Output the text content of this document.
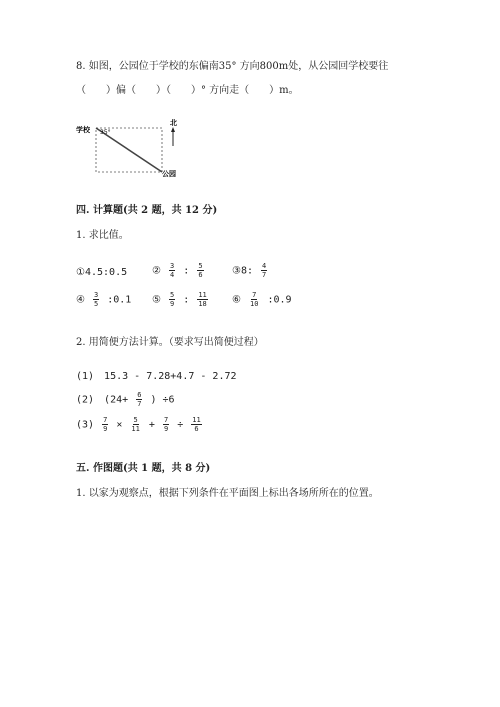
8. 如图，公园位于学校的东偏南35° 方向800m处，从公园回学校要往
（　　）偏（　　）（　　）° 方向走（　　）m。
学校 35°
公园
北
四. 计算题(共 2 题，共 12 分)
1. 求比值。
①4.5:0.5 ② $\frac{3}{4}$ : $\frac{5}{6}$	③8: $\frac{4}{7}$
④ $\frac{3}{5}$ :0.1 ⑤ $\frac{5}{9}$ : $\frac{11}{18}$ ⑥ $\frac{7}{10}$ :0.9
2. 用简便方法计算。（要求写出简便过程）
(1)　15.3 - 7.28+4.7 - 2.72
(2)　($24+ \frac{6}{7}$ ) ÷6
$(3) \frac{7}{9} \times \frac{5}{11} + \frac{7}{9} \div \frac{11}{6}$
五. 作图题(共 1 题，共 8 分)
1. 以家为观察点，根据下列条件在平面图上标出各场所所在的位置。
